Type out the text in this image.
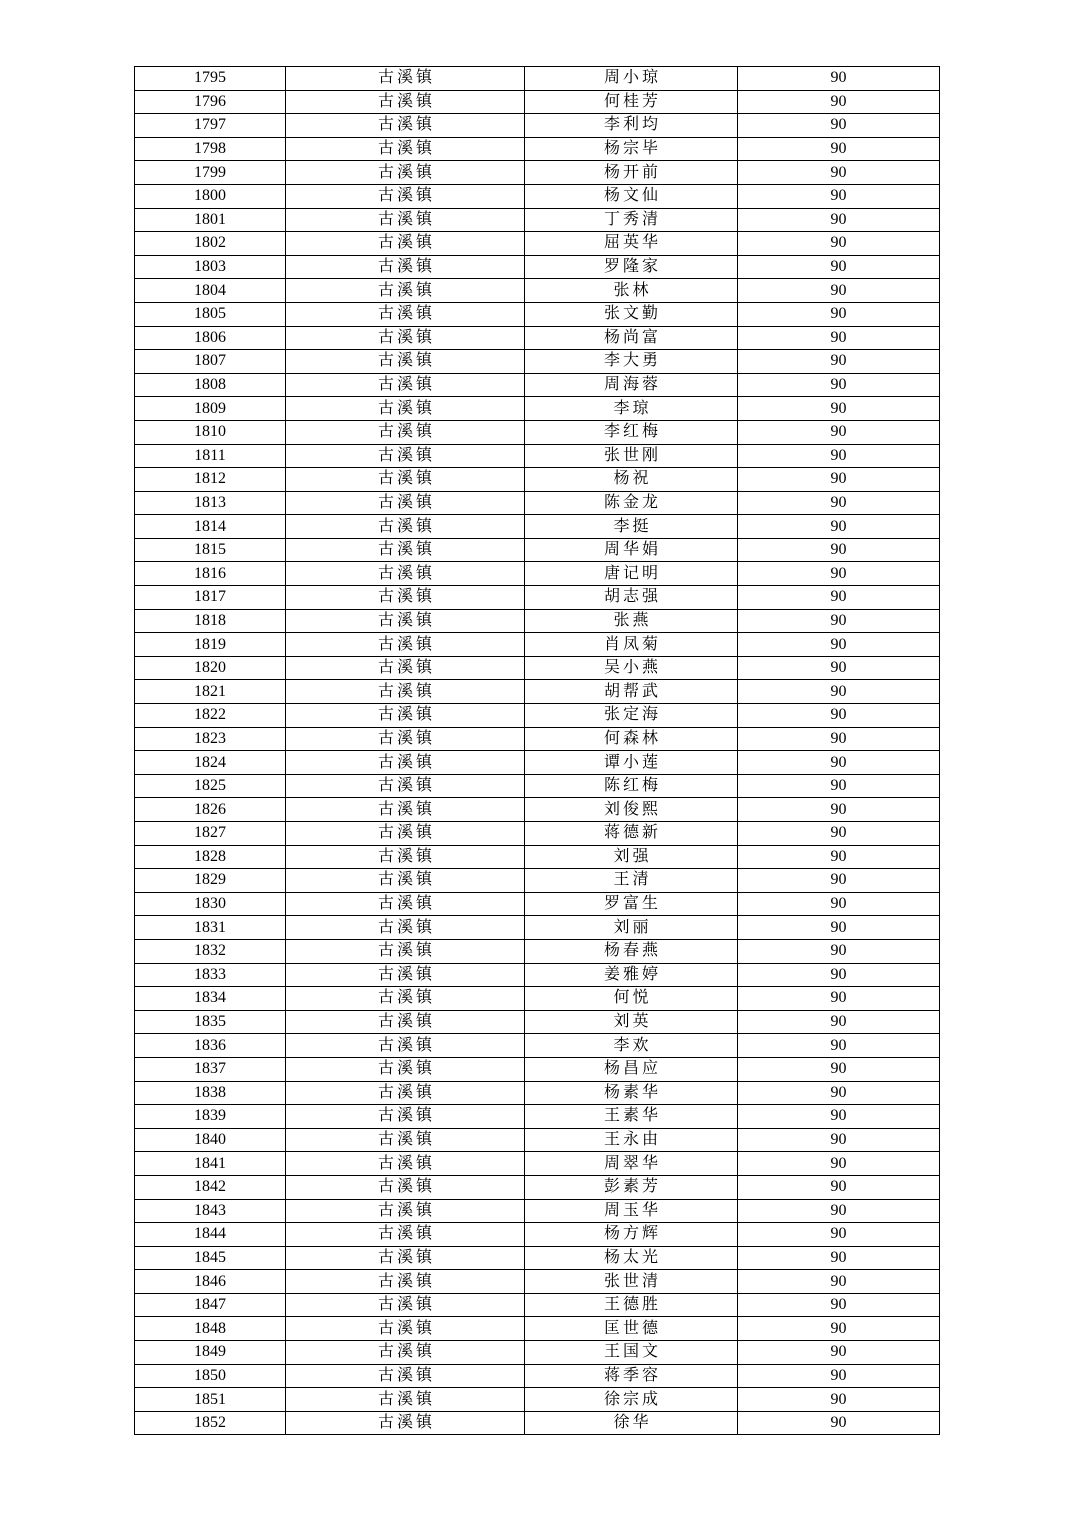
1795	古溪镇	周小琼	90
1796	古溪镇	何桂芳	90
1797	古溪镇	李利均	90
1798	古溪镇	杨宗毕	90
1799	古溪镇	杨开前	90
1800	古溪镇	杨文仙	90
1801	古溪镇	丁秀清	90
1802	古溪镇	屈英华	90
1803	古溪镇	罗隆家	90
1804	古溪镇	张林	90
1805	古溪镇	张文勤	90
1806	古溪镇	杨尚富	90
1807	古溪镇	李大勇	90
1808	古溪镇	周海蓉	90
1809	古溪镇	李琼	90
1810	古溪镇	李红梅	90
1811	古溪镇	张世刚	90
1812	古溪镇	杨祝	90
1813	古溪镇	陈金龙	90
1814	古溪镇	李挺	90
1815	古溪镇	周华娟	90
1816	古溪镇	唐记明	90
1817	古溪镇	胡志强	90
1818	古溪镇	张燕	90
1819	古溪镇	肖凤菊	90
1820	古溪镇	吴小燕	90
1821	古溪镇	胡帮武	90
1822	古溪镇	张定海	90
1823	古溪镇	何森林	90
1824	古溪镇	谭小莲	90
1825	古溪镇	陈红梅	90
1826	古溪镇	刘俊熙	90
1827	古溪镇	蒋德新	90
1828	古溪镇	刘强	90
1829	古溪镇	王清	90
1830	古溪镇	罗富生	90
1831	古溪镇	刘丽	90
1832	古溪镇	杨春燕	90
1833	古溪镇	姜雅婷	90
1834	古溪镇	何悦	90
1835	古溪镇	刘英	90
1836	古溪镇	李欢	90
1837	古溪镇	杨昌应	90
1838	古溪镇	杨素华	90
1839	古溪镇	王素华	90
1840	古溪镇	王永由	90
1841	古溪镇	周翠华	90
1842	古溪镇	彭素芳	90
1843	古溪镇	周玉华	90
1844	古溪镇	杨方辉	90
1845	古溪镇	杨太光	90
1846	古溪镇	张世清	90
1847	古溪镇	王德胜	90
1848	古溪镇	匡世德	90
1849	古溪镇	王国文	90
1850	古溪镇	蒋季容	90
1851	古溪镇	徐宗成	90
1852	古溪镇	徐华	90
